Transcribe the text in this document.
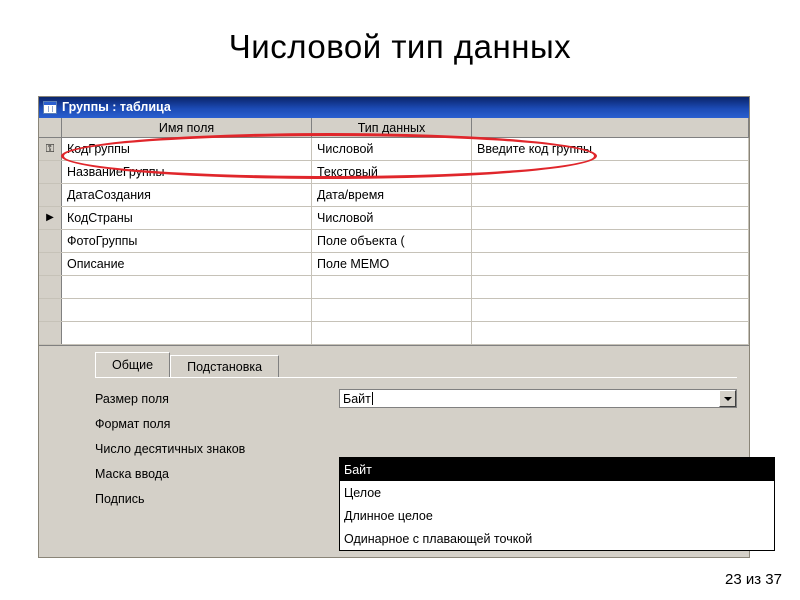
Числовой тип данных
Группы : таблица
Имя поля	Тип данных
⚿	КодГруппы	Числовой	Введите код группы
НазваниеГруппы	Текстовый
ДатаСоздания	Дата/время
▶	КодСтраны	Числовой
ФотоГруппы	Поле объекта (
Описание	Поле MEMO
Общие	Подстановка
Размер поля	Байт
Формат поля
Число десятичных знаков
Маска ввода
Подпись
Байт
Целое
Длинное целое
Одинарное с плавающей точкой
23 из 37
